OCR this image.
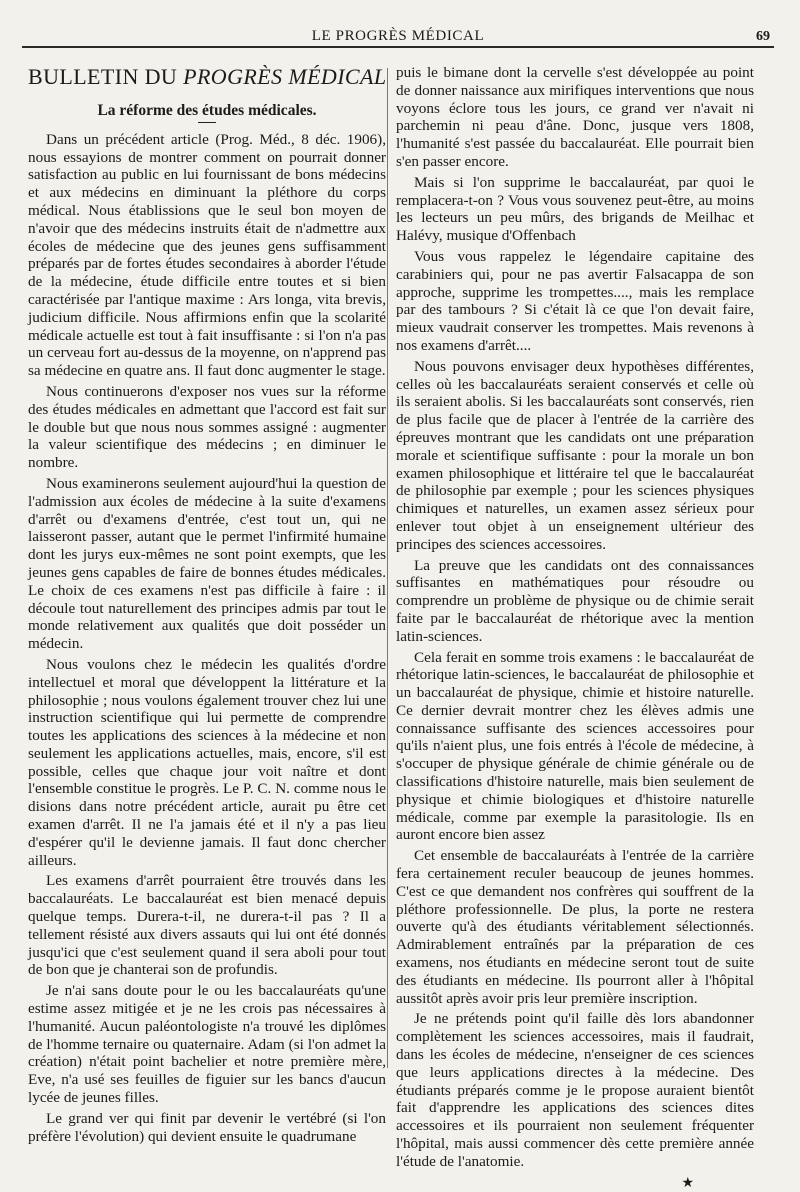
LE PROGRÈS MÉDICAL	69
BULLETIN DU PROGRÈS MÉDICAL
La réforme des études médicales.

Dans un précédent article (Prog. Méd., 8 déc. 1906), nous essayions de montrer comment on pourrait donner satisfaction au public en lui fournissant de bons médecins et aux médecins en diminuant la pléthore du corps médical. Nous établissions que le seul bon moyen de n'avoir que des médecins instruits était de n'admettre aux écoles de médecine que des jeunes gens suffisamment préparés par de fortes études secondaires à aborder l'étude de la médecine, étude difficile entre toutes et si bien caractérisée par l'antique maxime : Ars longa, vita brevis, judicium difficile. Nous affirmions enfin que la scolarité médicale actuelle est tout à fait insuffisante : si l'on n'a pas un cerveau fort au-dessus de la moyenne, on n'apprend pas sa médecine en quatre ans. Il faut donc augmenter le stage.

Nous continuerons d'exposer nos vues sur la réforme des études médicales en admettant que l'accord est fait sur le double but que nous nous sommes assigné : augmenter la valeur scientifique des médecins ; en diminuer le nombre.

Nous examinerons seulement aujourd'hui la question de l'admission aux écoles de médecine à la suite d'examens d'arrêt ou d'examens d'entrée, c'est tout un, qui ne laisseront passer, autant que le permet l'infirmité humaine dont les jurys eux-mêmes ne sont point exempts, que les jeunes gens capables de faire de bonnes études médicales. Le choix de ces examens n'est pas difficile à faire : il découle tout naturellement des principes admis par tout le monde relativement aux qualités que doit posséder un médecin.

Nous voulons chez le médecin les qualités d'ordre intellectuel et moral que développent la littérature et la philosophie ; nous voulons également trouver chez lui une instruction scientifique qui lui permette de comprendre toutes les applications des sciences à la médecine et non seulement les applications actuelles, mais, encore, s'il est possible, celles que chaque jour voit naître et dont l'ensemble constitue le progrès. Le P. C. N. comme nous le disions dans notre précédent article, aurait pu être cet examen d'arrêt. Il ne l'a jamais été et il n'y a pas lieu d'espérer qu'il le devienne jamais. Il faut donc chercher ailleurs.

Les examens d'arrêt pourraient être trouvés dans les baccalauréats. Le baccalauréat est bien menacé depuis quelque temps. Durera-t-il, ne durera-t-il pas ? Il a tellement résisté aux divers assauts qui lui ont été donnés jusqu'ici que c'est seulement quand il sera aboli pour tout de bon que je chanterai son de profundis.

Je n'ai sans doute pour le ou les baccalauréats qu'une estime assez mitigée et je ne les crois pas nécessaires à l'humanité. Aucun paléontologiste n'a trouvé les diplômes de l'homme ternaire ou quaternaire. Adam (si l'on admet la création) n'était point bachelier et notre première mère, Eve, n'a usé ses feuilles de figuier sur les bancs d'aucun lycée de jeunes filles.

Le grand ver qui finit par devenir le vertébré (si l'on préfère l'évolution) qui devient ensuite le quadrumane

puis le bimane dont la cervelle s'est développée au point de donner naissance aux mirifiques interventions que nous voyons éclore tous les jours, ce grand ver n'avait ni parchemin ni peau d'âne. Donc, jusque vers 1808, l'humanité s'est passée du baccalauréat. Elle pourrait bien s'en passer encore.

Mais si l'on supprime le baccalauréat, par quoi le remplacera-t-on ? Vous vous souvenez peut-être, au moins les lecteurs un peu mûrs, des brigands de Meilhac et Halévy, musique d'Offenbach

Vous vous rappelez le légendaire capitaine des carabiniers qui, pour ne pas avertir Falsacappa de son approche, supprime les trompettes...., mais les remplace par des tambours ? Si c'était là ce que l'on devait faire, mieux vaudrait conserver les trompettes. Mais revenons à nos examens d'arrêt....

Nous pouvons envisager deux hypothèses différentes, celles où les baccalauréats seraient conservés et celle où ils seraient abolis. Si les baccalauréats sont conservés, rien de plus facile que de placer à l'entrée de la carrière des épreuves montrant que les candidats ont une préparation morale et scientifique suffisante : pour la morale un bon examen philosophique et littéraire tel que le baccalauréat de philosophie par exemple ; pour les sciences physiques chimiques et naturelles, un examen assez sérieux pour enlever tout objet à un enseignement ultérieur des principes des sciences accessoires.

La preuve que les candidats ont des connaissances suffisantes en mathématiques pour résoudre ou comprendre un problème de physique ou de chimie serait faite par le baccalauréat de rhétorique avec la mention latin-sciences.

Cela ferait en somme trois examens : le baccalauréat de rhétorique latin-sciences, le baccalauréat de philosophie et un baccalauréat de physique, chimie et histoire naturelle. Ce dernier devrait montrer chez les élèves admis une connaissance suffisante des sciences accessoires pour qu'ils n'aient plus, une fois entrés à l'école de médecine, à s'occuper de physique générale de chimie générale ou de classifications d'histoire naturelle, mais bien seulement de physique et chimie biologiques et d'histoire naturelle médicale, comme par exemple la parasitologie. Ils en auront encore bien assez

Cet ensemble de baccalauréats à l'entrée de la carrière fera certainement reculer beaucoup de jeunes hommes. C'est ce que demandent nos confrères qui souffrent de la pléthore professionnelle. De plus, la porte ne restera ouverte qu'à des étudiants véritablement sélectionnés. Admirablement entraînés par la préparation de ces examens, nos étudiants en médecine seront tout de suite des étudiants en médecine. Ils pourront aller à l'hôpital aussitôt après avoir pris leur première inscription.

Je ne prétends point qu'il faille dès lors abandonner complètement les sciences accessoires, mais il faudrait, dans les écoles de médecine, n'enseigner de ces sciences que leurs applications directes à la médecine. Des étudiants préparés comme je le propose auraient bientôt fait d'apprendre les applications des sciences dites accessoires et ils pourraient non seulement fréquenter l'hôpital, mais aussi commencer dès cette première année l'étude de l'anatomie.

★
